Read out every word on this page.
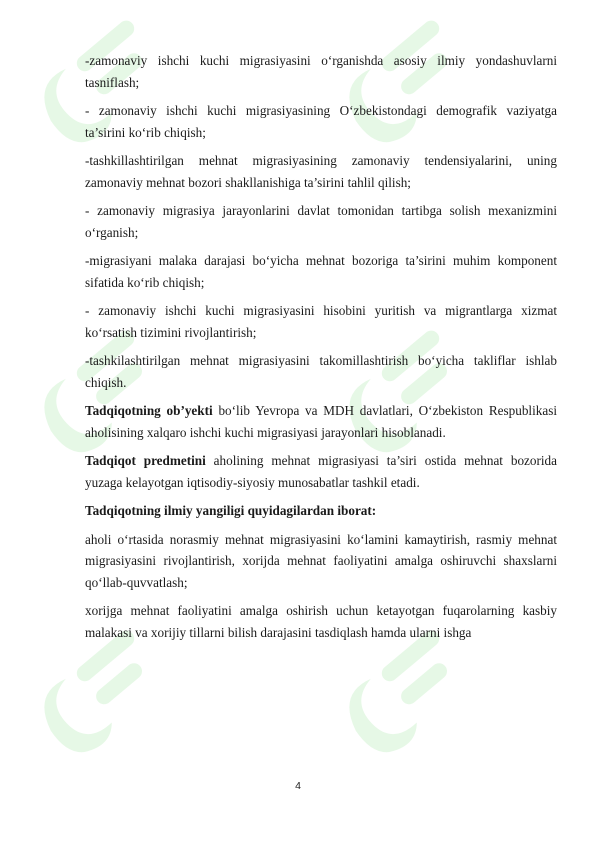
-zamonaviy ishchi kuchi migrasiyasini o‘rganishda asosiy ilmiy yondashuvlarni tasniflash;

- zamonaviy ishchi kuchi migrasiyasining O‘zbekistondagi demografik vaziyatga ta’sirini ko‘rib chiqish;

-tashkillashtirilgan mehnat migrasiyasining zamonaviy tendensiyalarini, uning zamonaviy mehnat bozori shakllanishiga ta’sirini tahlil qilish;

- zamonaviy migrasiya jarayonlarini davlat tomonidan tartibga solish mexanizmini o‘rganish;

-migrasiyani malaka darajasi bo‘yicha mehnat bozoriga ta’sirini muhim komponent sifatida ko‘rib chiqish;

- zamonaviy ishchi kuchi migrasiyasini hisobini yuritish va migrantlarga xizmat ko‘rsatish tizimini rivojlantirish;

-tashkilashtirilgan mehnat migrasiyasini takomillashtirish bo‘yicha takliflar ishlab chiqish.

Tadqiqotning ob’yekti bo‘lib Yevropa va MDH davlatlari, O‘zbekiston Respublikasi aholisining xalqaro ishchi kuchi migrasiyasi jarayonlari hisoblanadi.

Tadqiqot predmetini aholining mehnat migrasiyasi ta’siri ostida mehnat bozorida yuzaga kelayotgan iqtisodiy-siyosiy munosabatlar tashkil etadi.

Tadqiqotning ilmiy yangiligi quyidagilardan iborat:

aholi o‘rtasida norasmiy mehnat migrasiyasini ko‘lamini kamaytirish, rasmiy mehnat migrasiyasini rivojlantirish, xorijda mehnat faoliyatini amalga oshiruvchi shaxslarni qo‘llab-quvvatlash;

xorijga mehnat faoliyatini amalga oshirish uchun ketayotgan fuqarolarning kasbiy malakasi va xorijiy tillarni bilish darajasini tasdiqlash hamda ularni ishga

4
